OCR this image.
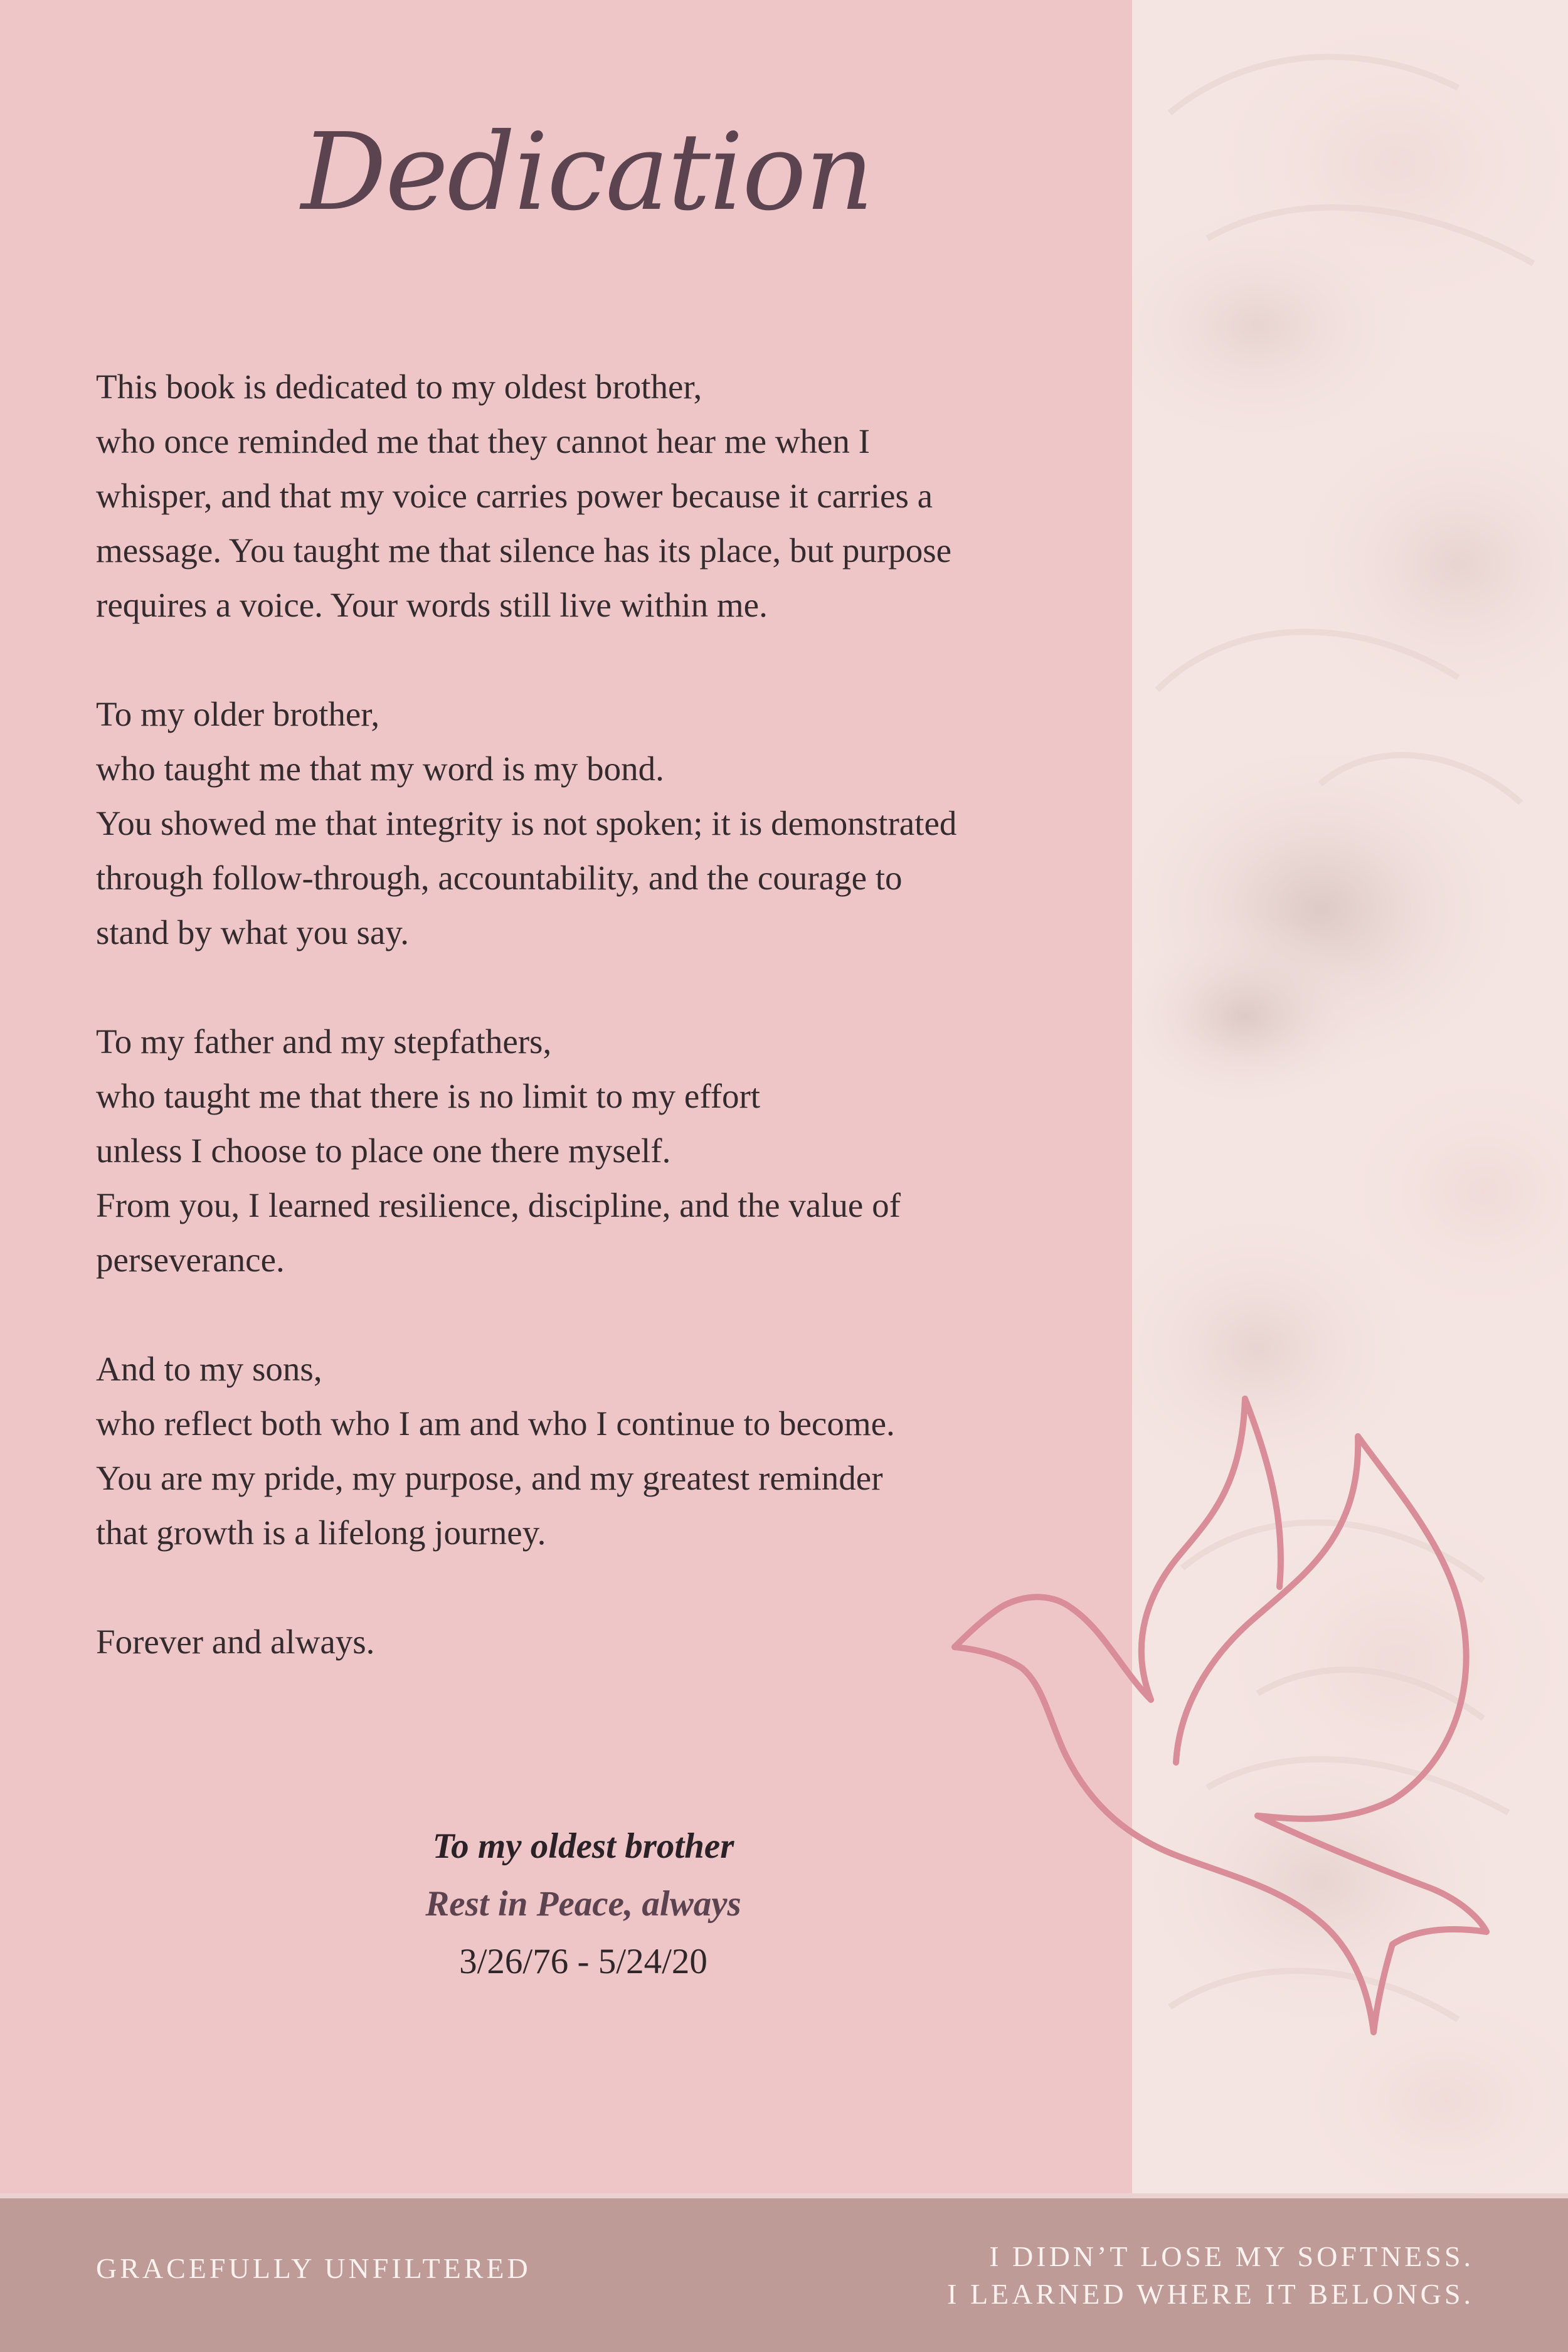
Dedication

This book is dedicated to my oldest brother,
who once reminded me that they cannot hear me when I
whisper, and that my voice carries power because it carries a
message. You taught me that silence has its place, but purpose
requires a voice. Your words still live within me.

To my older brother,
who taught me that my word is my bond.
You showed me that integrity is not spoken; it is demonstrated
through follow-through, accountability, and the courage to
stand by what you say.

To my father and my stepfathers,
who taught me that there is no limit to my effort
unless I choose to place one there myself.
From you, I learned resilience, discipline, and the value of
perseverance.

And to my sons,
who reflect both who I am and who I continue to become.
You are my pride, my purpose, and my greatest reminder
that growth is a lifelong journey.

Forever and always.

To my oldest brother
Rest in Peace, always
3/26/76 - 5/24/20
GRACEFULLY UNFILTERED	I DIDN’T LOSE MY SOFTNESS.
I LEARNED WHERE IT BELONGS.
